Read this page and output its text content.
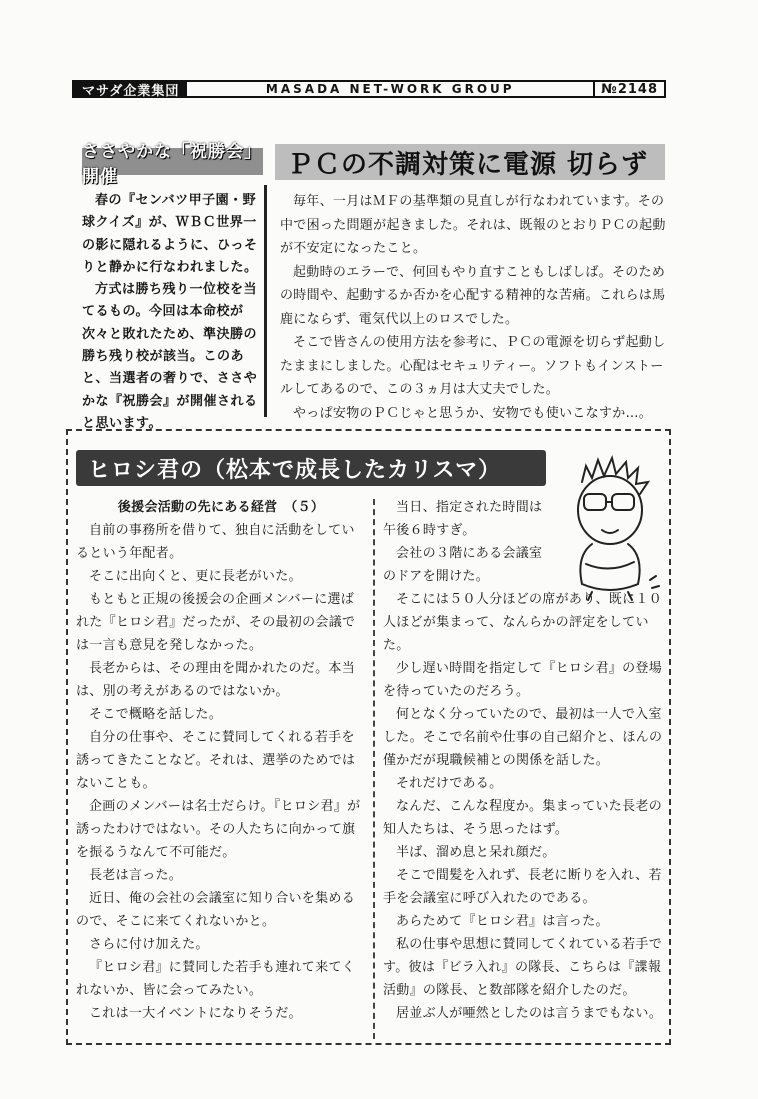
マサダ企業集団	MASADA NET-WORK GROUP	№2148
ささやかな「祝勝会」開催	ＰＣの不調対策に電源 切らず

春の『センバツ甲子園・野球クイズ』が、ＷＢＣ世界一の影に隠れるように、ひっそりと静かに行なわれました。

方式は勝ち残り一位校を当てるもの。今回は本命校が次々と敗れたため、準決勝の勝ち残り校が該当。このあと、当選者の奢りで、ささやかな『祝勝会』が開催されると思います。

毎年、一月はＭＦの基準類の見直しが行なわれています。その中で困った問題が起きました。それは、既報のとおりＰＣの起動が不安定になったこと。

起動時のエラーで、何回もやり直すこともしばしば。そのための時間や、起動するか否かを心配する精神的な苦痛。これらは馬鹿にならず、電気代以上のロスでした。

そこで皆さんの使用方法を参考に、ＰＣの電源を切らず起動したままにしました。心配はセキュリティー。ソフトもインストールしてあるので、この３ヵ月は大丈夫でした。

やっぱ安物のＰＣじゃと思うか、安物でも使いこなすか…。

ヒロシ君の（松本で成長したカリスマ）

後援会活動の先にある経営　（５）

自前の事務所を借りて、独自に活動をしているという年配者。

そこに出向くと、更に長老がいた。

もともと正規の後援会の企画メンバーに選ばれた『ヒロシ君』だったが、その最初の会議では一言も意見を発しなかった。

長老からは、その理由を聞かれたのだ。本当は、別の考えがあるのではないか。

そこで概略を話した。

自分の仕事や、そこに賛同してくれる若手を誘ってきたことなど。それは、選挙のためではないことも。

企画のメンバーは名士だらけ。『ヒロシ君』が誘ったわけではない。その人たちに向かって旗を振るうなんて不可能だ。

長老は言った。

近日、俺の会社の会議室に知り合いを集めるので、そこに来てくれないかと。

さらに付け加えた。

『ヒロシ君』に賛同した若手も連れて来てくれないか、皆に会ってみたい。

これは一大イベントになりそうだ。

当日、指定された時間は午後６時すぎ。

会社の３階にある会議室のドアを開けた。

そこには５０人分ほどの席があり、既に１０人ほどが集まって、なんらかの評定をしていた。

少し遅い時間を指定して『ヒロシ君』の登場を待っていたのだろう。

何となく分っていたので、最初は一人で入室した。そこで名前や仕事の自己紹介と、ほんの僅かだが現職候補との関係を話した。

それだけである。

なんだ、こんな程度か。集まっていた長老の知人たちは、そう思ったはず。

半ば、溜め息と呆れ顔だ。

そこで間髪を入れず、長老に断りを入れ、若手を会議室に呼び入れたのである。

あらためて『ヒロシ君』は言った。

私の仕事や思想に賛同してくれている若手です。彼は『ビラ入れ』の隊長、こちらは『諜報活動』の隊長、と数部隊を紹介したのだ。

居並ぶ人が唖然としたのは言うまでもない。
